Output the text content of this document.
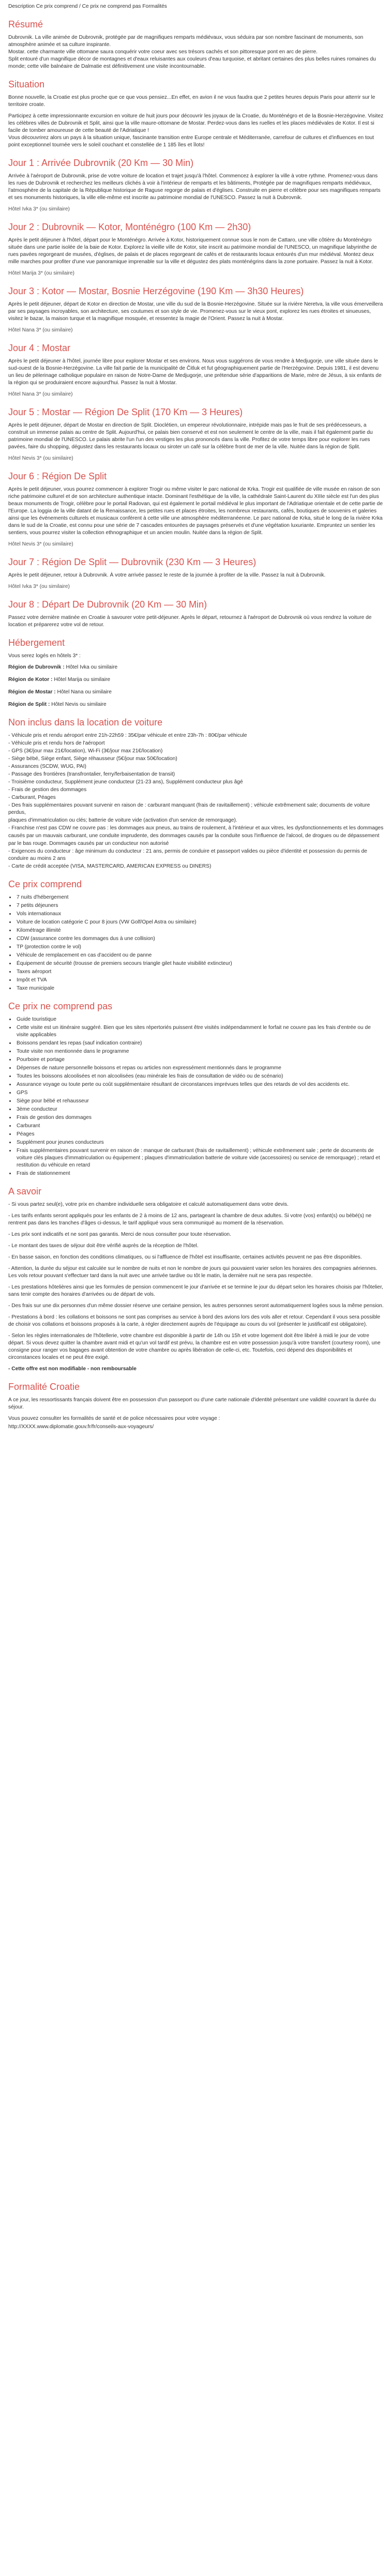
Description Ce prix comprend / Ce prix ne comprend pas Formalités
Résumé

Dubrovnik. La ville animée de Dubrovnik, protégée par de magnifiques remparts médiévaux, vous séduira par son nombre fascinant de monuments, son atmosphère animée et sa culture inspirante.
Mostar. cette charmante ville ottomane saura conquérir votre coeur avec ses trésors cachés et son pittoresque pont en arc de pierre.
Split entouré d'un magnifique décor de montagnes et d'eaux reluisantes aux couleurs d'eau turquoise, et abritant certaines des plus belles ruines romaines du monde; cette ville balnéaire de Dalmatie est définitivement une visite incontournable.

Situation

Bonne nouvelle, la Croatie est plus proche que ce que vous pensiez...En effet, en avion il ne vous faudra que 2 petites heures depuis Paris pour atterrir sur le territoire croate.

Participez à cette impressionnante excursion en voiture de huit jours pour découvrir les joyaux de la Croatie, du Monténégro et de la Bosnie-Herzégovine. Visitez les célèbres villes de Dubrovnik et Split, ainsi que la ville maure-ottomane de Mostar. Perdez-vous dans les ruelles et les places médiévales de Kotor. Il est si facile de tomber amoureuse de cette beauté de l'Adriatique !
Vous découvrirez alors un pays à la situation unique, fascinante transition entre Europe centrale et Méditerranée, carrefour de cultures et d'influences en tout point exceptionnel tournée vers le soleil couchant et constellée de 1 185 îles et îlots!

Jour 1 : Arrivée Dubrovnik (20 Km — 30 Min)

Arrivée à l'aéroport de Dubrovnik, prise de votre voiture de location et trajet jusqu'à l'hôtel. Commencez à explorer la ville à votre rythme. Promenez-vous dans les rues de Dubrovnik et recherchez les meilleurs clichés à voir à l'intérieur de remparts et les bâtiments, Protégée par de magnifiques remparts médiévaux, l'atmosphère de la capitale de la République historique de Raguse regorge de palais et d'églises. Construite en pierre et célèbre pour ses magnifiques remparts et ses monuments historiques, la ville elle-même est inscrite au patrimoine mondial de l'UNESCO. Passez la nuit à Dubrovnik.

Hôtel Ivka 3* (ou similaire)
Jour 2 : Dubrovnik — Kotor, Monténégro (100 Km — 2h30)

Après le petit déjeuner à l'hôtel, départ pour le Monténégro. Arrivée à Kotor, historiquement connue sous le nom de Cattaro, une ville côtière du Monténégro située dans une partie isolée de la baie de Kotor. Explorez la vieille ville de Kotor, site inscrit au patrimoine mondial de l'UNESCO, un magnifique labyrinthe de rues pavées regorgeant de musées, d'églises, de palais et de places regorgeant de cafés et de restaurants locaux entourés d'un mur médiéval. Montez deux mille marches pour profiter d'une vue panoramique imprenable sur la ville et dégustez des plats monténégrins dans la zone portuaire. Passez la nuit à Kotor.

Hôtel Marija 3* (ou similaire)
Jour 3 : Kotor — Mostar, Bosnie Herzégovine (190 Km — 3h30 Heures)

Après le petit déjeuner, départ de Kotor en direction de Mostar, une ville du sud de la Bosnie-Herzégovine. Située sur la rivière Neretva, la ville vous émerveillera par ses paysages incroyables, son architecture, ses coutumes et son style de vie. Promenez-vous sur le vieux pont, explorez les rues étroites et sinueuses, visitez le bazar, la maison turque et la magnifique mosquée, et ressentez la magie de l'Orient. Passez la nuit à Mostar.

Hôtel Nana 3* (ou similaire)
Jour 4 : Mostar

Après le petit déjeuner à l'hôtel, journée libre pour explorer Mostar et ses environs. Nous vous suggérons de vous rendre à Medjugorje, une ville située dans le sud-ouest de la Bosnie-Herzégovine. La ville fait partie de la municipalité de Čitluk et fut géographiquement partie de l'Herzégovine. Depuis 1981, il est devenu un lieu de pèlerinage catholique populaire en raison de Notre-Dame de Medjugorje, une prétendue série d'apparitions de Marie, mère de Jésus, à six enfants de la région qui se produiraient encore aujourd'hui. Passez la nuit à Mostar.

Hôtel Nana 3* (ou similaire)
Jour 5 : Mostar — Région De Split (170 Km — 3 Heures)

Après le petit déjeuner, départ de Mostar en direction de Split. Dioclétien, un empereur révolutionnaire, intrépide mais pas le fruit de ses prédécesseurs, a construit un immense palais au centre de Split. Aujourd'hui, ce palais bien conservé et est non seulement le centre de la ville, mais il fait également partie du patrimoine mondial de l'UNESCO. Le palais abrite l'un l'un des vestiges les plus prononcés dans la ville. Profitez de votre temps libre pour explorer les rues pavées, faire du shopping, dégustez dans les restaurants locaux ou siroter un café sur la célèbre front de mer de la ville. Nuitée dans la région de Split.

Hôtel Nevis 3* (ou similaire)
Jour 6 : Région De Split

Après le petit déjeuner, vous pourrez commencer à explorer Trogir ou même visiter le parc national de Krka. Trogir est qualifiée de ville musée en raison de son riche patrimoine culturel et de son architecture authentique intacte. Dominant l'esthétique de la ville, la cathédrale Saint-Laurent du XIIIe siècle est l'un des plus beaux monuments de Trogir, célèbre pour le portail Radovan, qui est également le portail médiéval le plus important de l'Adriatique orientale et de cette partie de l'Europe. La loggia de la ville datant de la Renaissance, les petites rues et places étroites, les nombreux restaurants, cafés, boutiques de souvenirs et galeries ainsi que les événements culturels et musicaux confèrent à cette ville une atmosphère méditerranéenne. Le parc national de Krka, situé le long de la rivière Krka dans le sud de la Croatie, est connu pour une série de 7 cascades entourées de paysages préservés et d'une végétation luxuriante. Empruntez un sentier les sentiers, vous pourrez visiter la collection ethnographique et un ancien moulin. Nuitée dans la région de Split.

Hôtel Nevis 3* (ou similaire)
Jour 7 : Région De Split — Dubrovnik (230 Km — 3 Heures)

Après le petit déjeuner, retour à Dubrovnik. À votre arrivée passez le reste de la journée à profiter de la ville. Passez la nuit à Dubrovnik.

Hôtel Ivka 3* (ou similaire)
Jour 8 : Départ De Dubrovnik (20 Km — 30 Min)

Passez votre dernière matinée en Croatie à savourer votre petit-déjeuner. Après le départ, retournez à l'aéroport de Dubrovnik où vous rendrez la voiture de location et préparerez votre vol de retour.

Hébergement

Vous serez logés en hôtels 3* :

Région de Dubrovnik : Hôtel Ivka ou similaire
Région de Kotor : Hôtel Marija ou similaire
Région de Mostar : Hôtel Nana ou similaire
Région de Split : Hôtel Nevis ou similaire
Non inclus dans la location de voiture
- Véhicule pris et rendu aéroport entre 21h-22h59 : 35€/par véhicule et entre 23h-7h : 80€/par véhicule
- Véhicule pris et rendu hors de l'aéroport
- GPS (3€/jour max 21€/location), Wi-Fi (3€/jour max 21€/location)
- Siège bébé, Siège enfant, Siège réhausseur (5€/jour max 50€/location)
- Assurances (SCDW, WUG, PAI)
- Passage des frontières (transfrontalier, ferry/ferbaisentation de transit)
- Troisième conducteur, Supplément jeune conducteur (21-23 ans), Supplément conducteur plus âgé
- Frais de gestion des dommages
- Carburant, Péages
- Des frais supplémentaires pouvant survenir en raison de : carburant manquant (frais de ravitaillement) ; véhicule extrêmement sale; documents de voiture perdus,
plaques d'immatriculation ou clés; batterie de voiture vide (activation d'un service de remorquage).
- Franchise n'est pas CDW ne couvre pas : les dommages aux pneus, au trains de roulement, à l'intérieur et aux vitres, les dysfonctionnements et les dommages
causés par un mauvais carburant, une conduite imprudente, des dommages causés par la conduite sous l'influence de l'alcool, de drogues ou de dépassement
par le bas rouge. Dommages causés par un conducteur non autorisé
- Exigences du conducteur : âge minimum du conducteur : 21 ans, permis de conduire et passeport valides ou pièce d'identité et possession du permis de conduire au moins 2 ans
- Carte de crédit acceptée (VISA, MASTERCARD, AMERICAN EXPRESS ou DINERS)
Ce prix comprend
• 7 nuits d'hébergement
• 7 petits déjeuners
• Vols internationaux
• Voiture de location catégorie C pour 8 jours (VW Golf/Opel Astra ou similaire)
• Kilométrage illimité
• CDW (assurance contre les dommages dus à une collision)
• TP (protection contre le vol)
• Véhicule de remplacement en cas d'accident ou de panne
• Équipement de sécurité (trousse de premiers secours triangle gilet haute visibilité extincteur)
• Taxes aéroport
• Impôt et TVA
• Taxe municipale
Ce prix ne comprend pas
• Guide touristique
• Cette visite est un itinéraire suggéré. Bien que les sites répertoriés puissent être visités indépendamment le forfait ne couvre pas les frais d'entrée ou de visite applicables
• Boissons pendant les repas (sauf indication contraire)
• Toute visite non mentionnée dans le programme
• Pourboire et portage
• Dépenses de nature personnelle boissons et repas ou articles non expressément mentionnés dans le programme
• Toutes les boissons alcoolisées et non alcoolisées (eau minérale les frais de consultation de vidéo ou de scénario)
• Assurance voyage ou toute perte ou coût supplémentaire résultant de circonstances imprévues telles que des retards de vol des accidents etc.
• GPS
• Siège pour bébé et rehausseur
• 3ème conducteur
• Frais de gestion des dommages
• Carburant
• Péages
• Supplément pour jeunes conducteurs
• Frais supplémentaires pouvant survenir en raison de : manque de carburant (frais de ravitaillement) ; véhicule extrêmement sale ; perte de documents de voiture clés plaques d'immatriculation ou équipement ; plaques d'immatriculation batterie de voiture vide (accessoires) ou service de remorquage) ; retard et restitution du véhicule en retard
• Frais de stationnement
A savoir

- Si vous partez seul(e), votre prix en chambre individuelle sera obligatoire et calculé automatiquement dans votre devis.

- Les tarifs enfants seront appliqués pour les enfants de 2 à moins de 12 ans, partageant la chambre de deux adultes. Si votre (vos) enfant(s) ou bébé(s) ne rentrent pas dans les tranches d'âges ci-dessus, le tarif appliqué vous sera communiqué au moment de la réservation.

- Les prix sont indicatifs et ne sont pas garantis. Merci de nous consulter pour toute réservation.

- Le montant des taxes de séjour doit être vérifié auprès de la réception de l'hôtel.

- En basse saison, en fonction des conditions climatiques, ou si l'affluence de l'hôtel est insuffisante, certaines activités peuvent ne pas être disponibles.

- Attention, la durée du séjour est calculée sur le nombre de nuits et non le nombre de jours qui pouvaient varier selon les horaires des compagnies aériennes. Les vols retour pouvant s'effectuer tard dans la nuit avec une arrivée tardive ou tôt le matin, la dernière nuit ne sera pas respectée.

- Les prestations hôtelières ainsi que les formules de pension commencent le jour d'arrivée et se termine le jour du départ selon les horaires choisis par l'hôtelier, sans tenir compte des horaires d'arrivées ou de départ de vols.

- Des frais sur une dix personnes d'un même dossier réserve une certaine pension, les autres personnes seront automatiquement logées sous la même pension.

- Prestations à bord : les collations et boissons ne sont pas comprises au service à bord des avions lors des vols aller et retour. Cependant il vous sera possible de choisir vos collations et boissons proposés à la carte, à régler directement auprès de l'équipage au cours du vol (présenter le justificatif est obligatoire).

- Selon les règles internationales de l'hôtellerie, votre chambre est disponible à partir de 14h ou 15h et votre logement doit être libéré à midi le jour de votre départ. Si vous devez quitter la chambre avant midi et qu'un vol tardif est prévu, la chambre est en votre possession jusqu'à votre transfert (courtesy room), une consigne pour ranger vos bagages avant obtention de votre chambre ou après libération de celle-ci, etc. Toutefois, ceci dépend des disponibilités et circonstances locales et ne peut être exigé.

- Cette offre est non modifiable - non remboursable

Formalité Croatie

A ce jour, les ressortissants français doivent être en possession d'un passeport ou d'une carte nationale d'identité présentant une validité couvrant la durée du séjour.

Vous pouvez consulter les formalités de santé et de police nécessaires pour votre voyage :

http://XXXX.www.diplomatie.gouv.fr/fr/conseils-aux-voyageurs/
